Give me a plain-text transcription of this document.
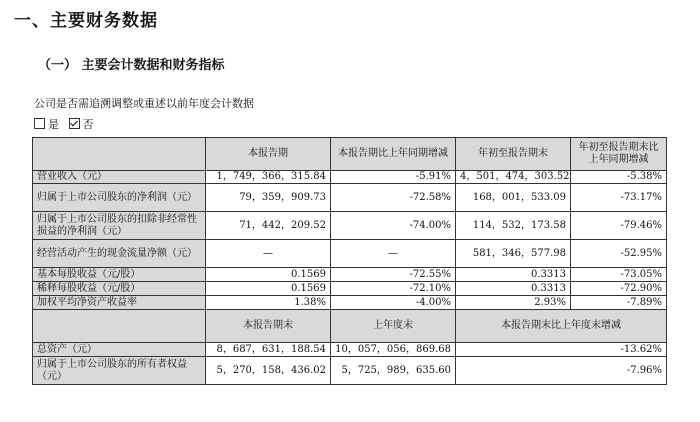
一、主要财务数据
（一） 主要会计数据和财务指标
公司是否需追溯调整或重述以前年度会计数据
是 否
	本报告期	本报告期比上年同期增减	年初至报告期末	年初至报告期末比上年同期增减
营业收入（元）	1，749，366，315.84	-5.91%	4，501，474，303.52	-5.38%
归属于上市公司股东的净利润（元）	79，359，909.73	-72.58%	168，001，533.09	-73.17%
归属于上市公司股东的扣除非经常性损益的净利润（元）	71，442，209.52	-74.00%	114，532，173.58	-79.46%
经营活动产生的现金流量净额（元）	—	—	581，346，577.98	-52.95%
基本每股收益（元/股）	0.1569	-72.55%	0.3313	-73.05%
稀释每股收益（元/股）	0.1569	-72.10%	0.3313	-72.90%
加权平均净资产收益率	1.38%	-4.00%	2.93%	-7.89%
	本报告期末	上年度末	本报告期末比上年度末增减	
总资产（元）	8，687，631，188.54	10，057，056，869.68	-13.62%	
归属于上市公司股东的所有者权益（元）	5，270，158，436.02	5，725，989，635.60	-7.96%	
